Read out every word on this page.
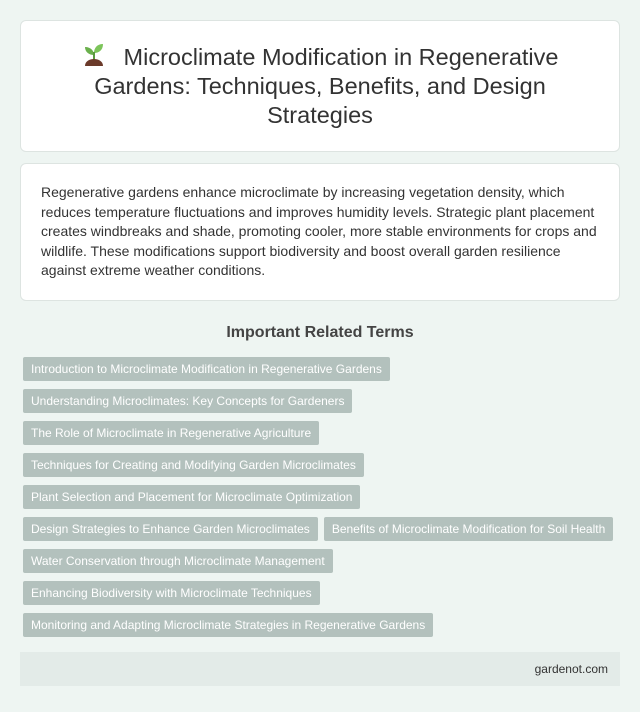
Microclimate Modification in Regenerative Gardens: Techniques, Benefits, and Design Strategies

Regenerative gardens enhance microclimate by increasing vegetation density, which reduces temperature fluctuations and improves humidity levels. Strategic plant placement creates windbreaks and shade, promoting cooler, more stable environments for crops and wildlife. These modifications support biodiversity and boost overall garden resilience against extreme weather conditions.

Important Related Terms
Introduction to Microclimate Modification in Regenerative Gardens
Understanding Microclimates: Key Concepts for Gardeners
The Role of Microclimate in Regenerative Agriculture
Techniques for Creating and Modifying Garden Microclimates
Plant Selection and Placement for Microclimate Optimization
Design Strategies to Enhance Garden Microclimates	Benefits of Microclimate Modification for Soil Health
Water Conservation through Microclimate Management
Enhancing Biodiversity with Microclimate Techniques
Monitoring and Adapting Microclimate Strategies in Regenerative Gardens
gardenot.com
